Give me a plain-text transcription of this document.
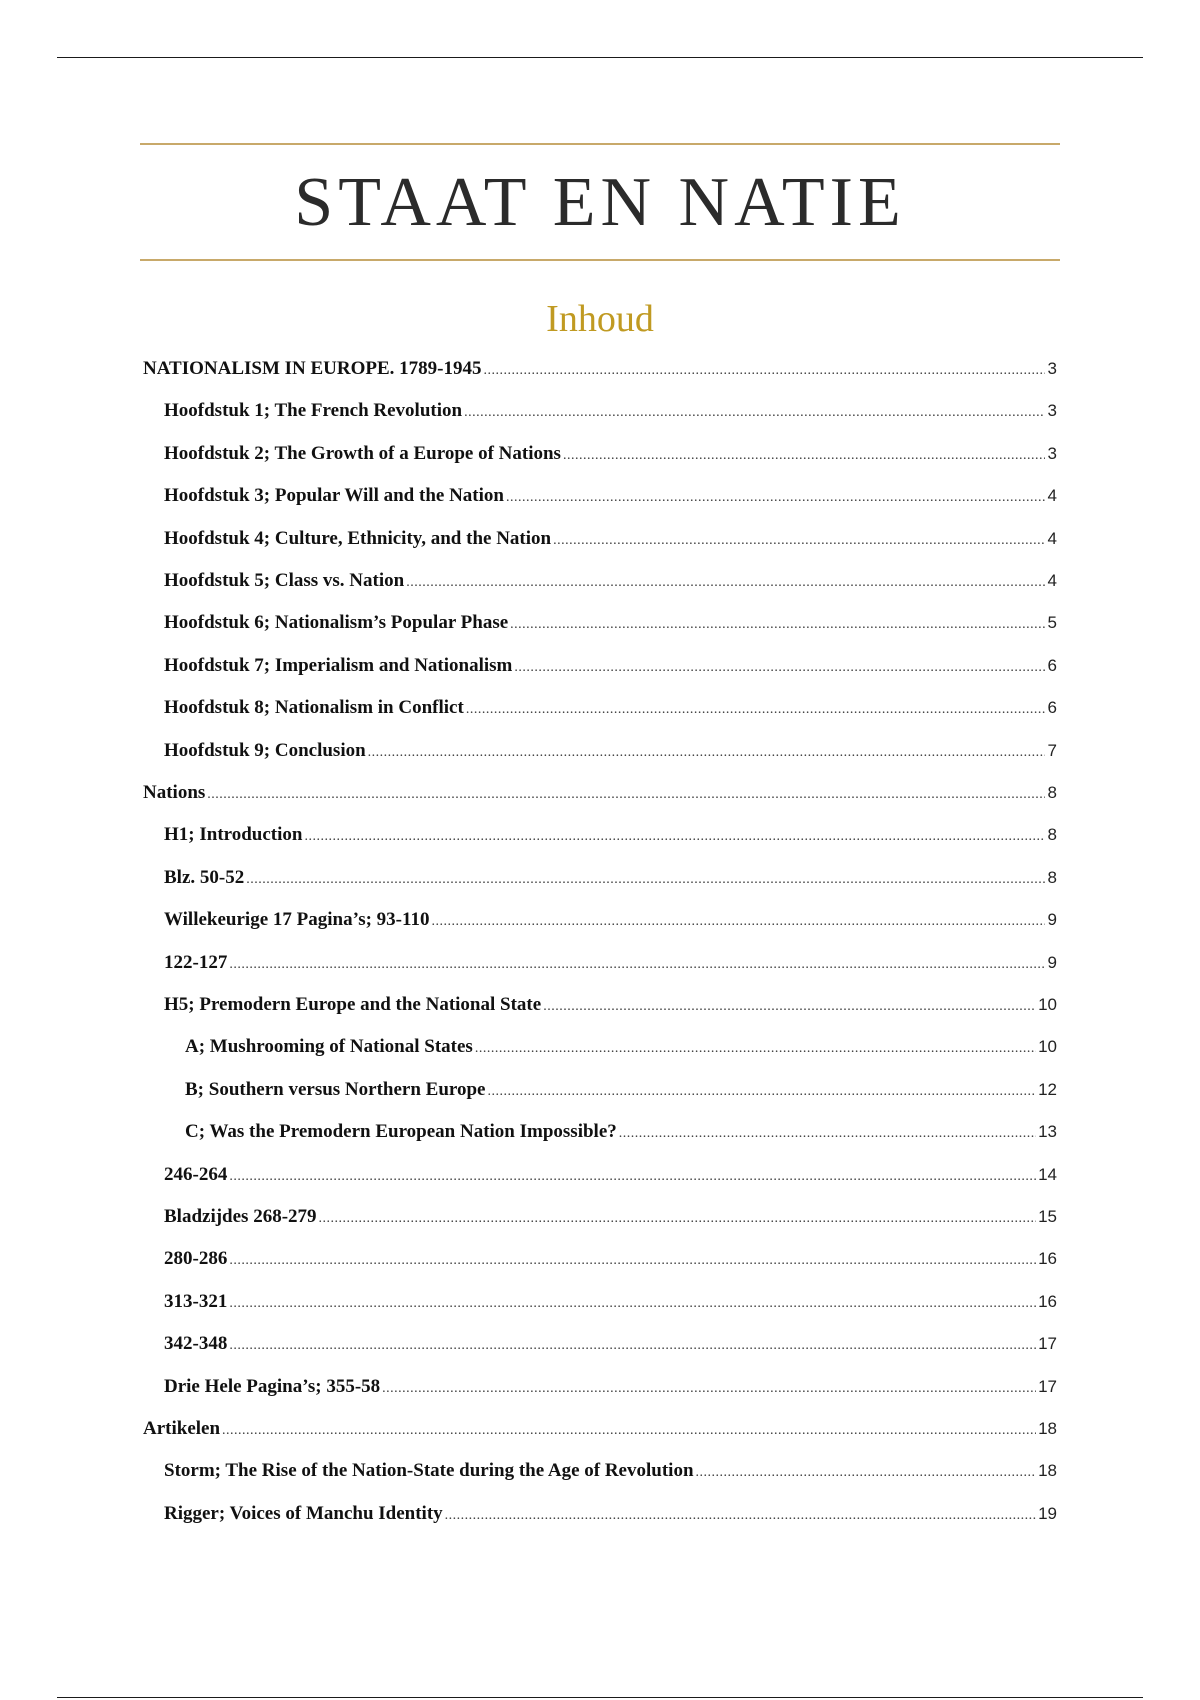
STAAT EN NATIE
Inhoud
NATIONALISM IN EUROPE. 1789-1945 .....	3
Hoofdstuk 1; The French Revolution .....	3
Hoofdstuk 2; The Growth of a Europe of Nations .....	3
Hoofdstuk 3; Popular Will and the Nation .....	4
Hoofdstuk 4; Culture, Ethnicity, and the Nation .....	4
Hoofdstuk 5; Class vs. Nation .....	4
Hoofdstuk 6; Nationalism’s Popular Phase .....	5
Hoofdstuk 7; Imperialism and Nationalism .....	6
Hoofdstuk 8; Nationalism in Conflict .....	6
Hoofdstuk 9; Conclusion .....	7
Nations .....	8
H1; Introduction .....	8
Blz. 50-52 .....	8
Willekeurige 17 Pagina’s; 93-110 .....	9
122-127 .....	9
H5; Premodern Europe and the National State .....	10
A; Mushrooming of National States .....	10
B; Southern versus Northern Europe .....	12
C; Was the Premodern European Nation Impossible? .....	13
246-264 .....	14
Bladzijdes 268-279 .....	15
280-286 .....	16
313-321 .....	16
342-348 .....	17
Drie Hele Pagina’s; 355-58 .....	17
Artikelen .....	18
Storm; The Rise of the Nation-State during the Age of Revolution .....	18
Rigger; Voices of Manchu Identity .....	19
